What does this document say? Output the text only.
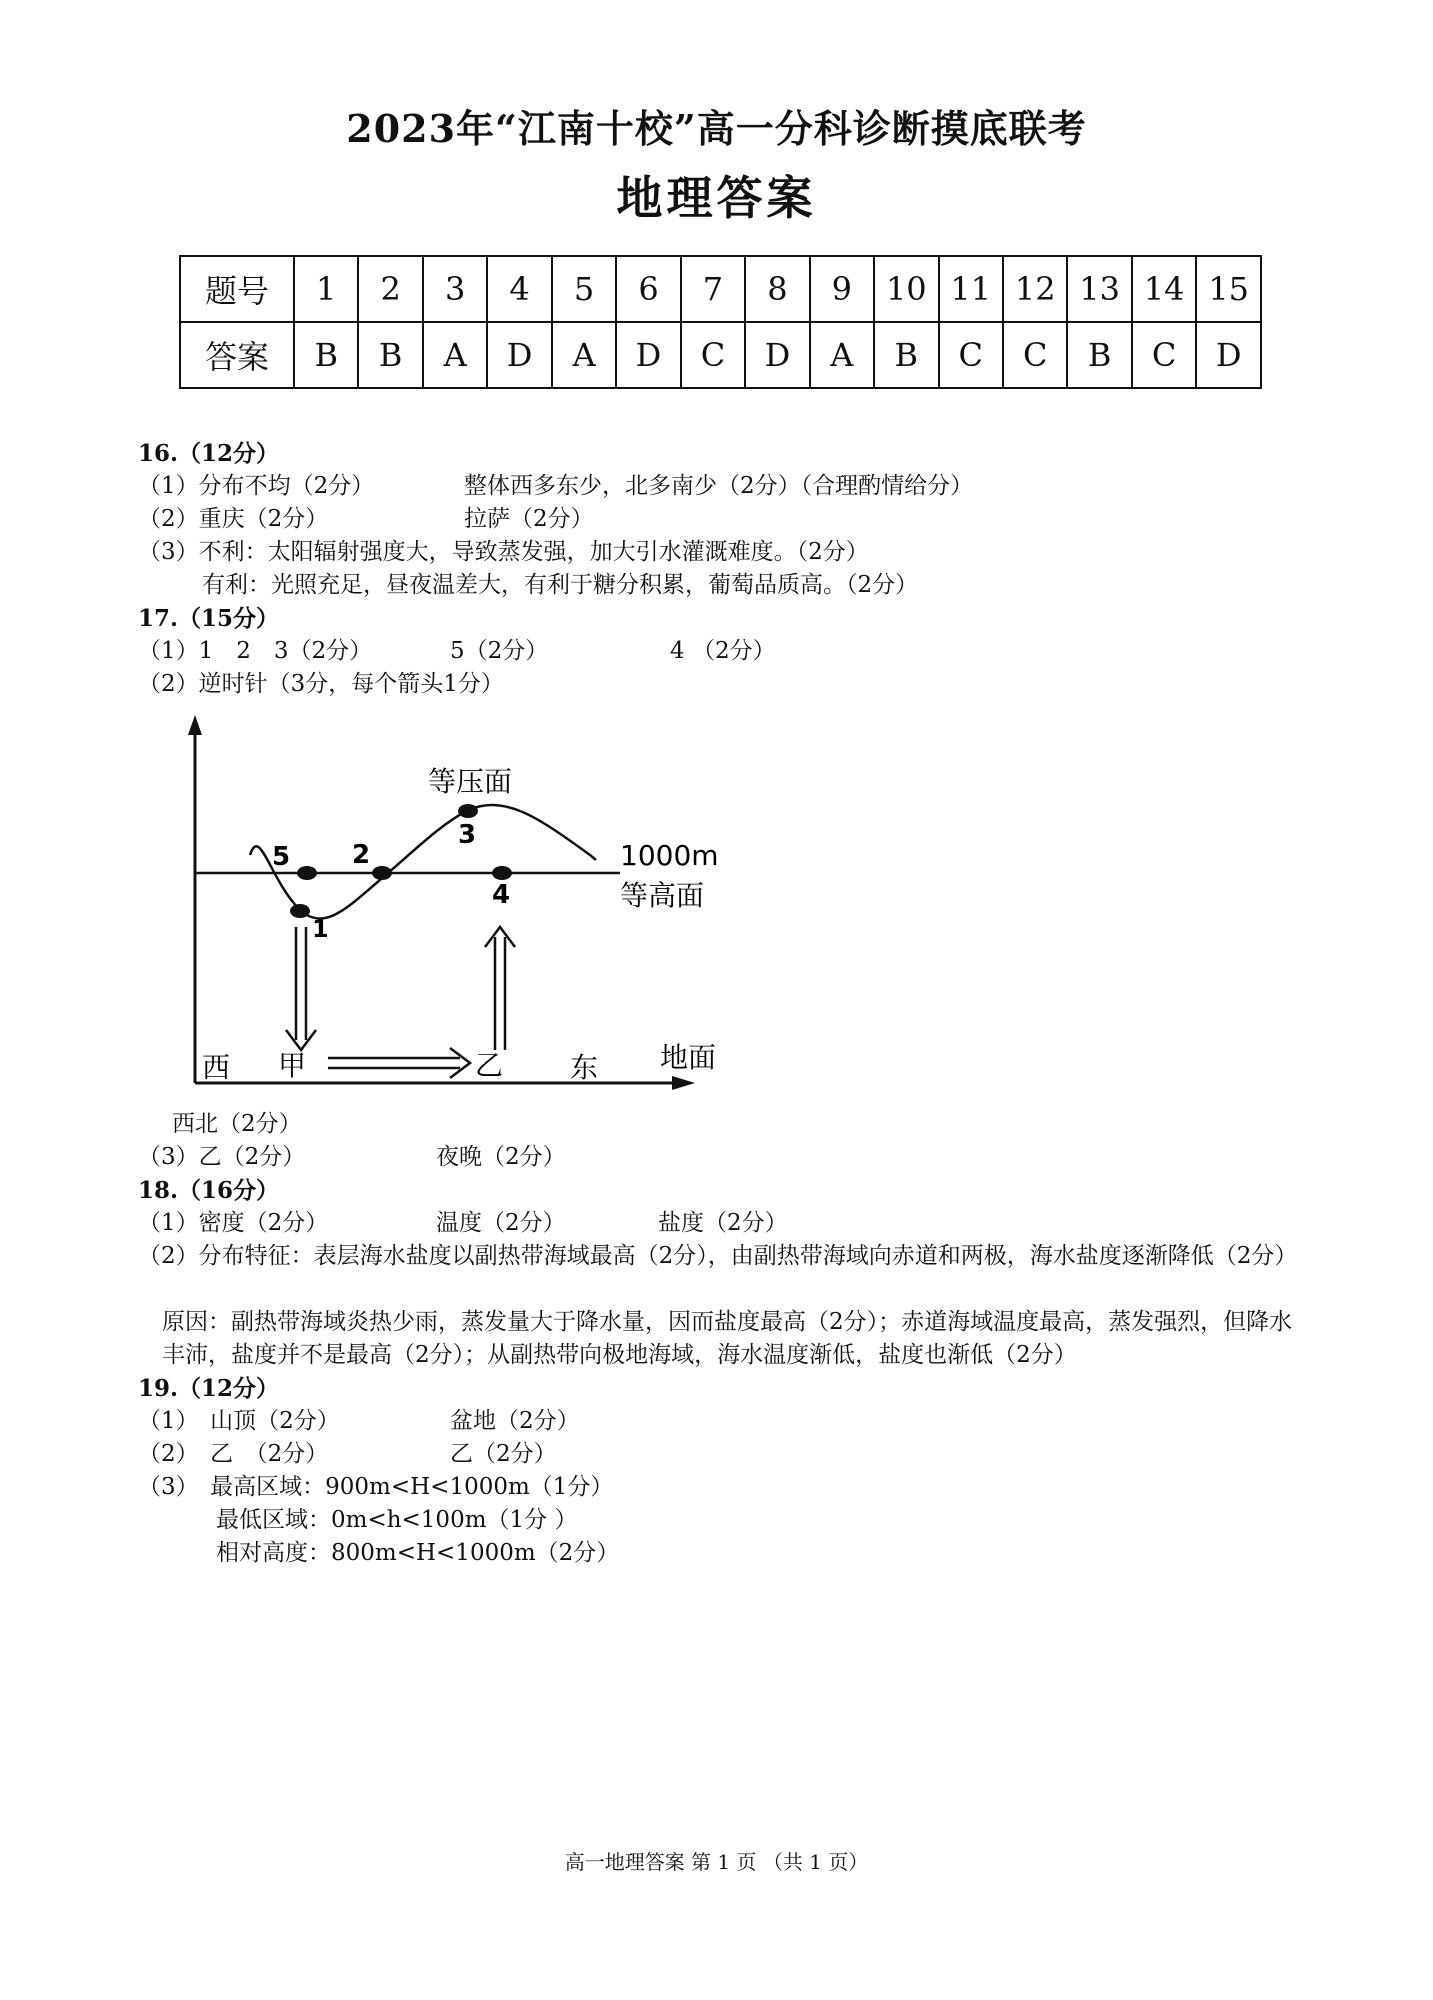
2023年“江南十校”高一分科诊断摸底联考
地理答案
题号	1	2	3	4	5	6	7	8	9	10	11	12	13	14	15
答案	B	B	A	D	A	D	C	D	A	B	C	C	B	C	D
16.（12分）
（1）分布不均（2分）	整体西多东少，北多南少（2分）（合理酌情给分）
（2）重庆（2分）	拉萨（2分）
（3）不利：太阳辐射强度大，导致蒸发强，加大引水灌溉难度。（2分）
有利：光照充足，昼夜温差大，有利于糖分积累，葡萄品质高。（2分）
17.（15分）
（1）1　2　3（2分）	5（2分）	4 （2分）
（2）逆时针（3分，每个箭头1分）
5 2
3
4
1
等压面
1000m
等高面
地面
西 甲	乙 东
西北（2分）
（3）乙（2分）	夜晚（2分）
18.（16分）
（1）密度（2分）	温度（2分）	盐度（2分）
（2）分布特征：表层海水盐度以副热带海域最高（2分），由副热带海域向赤道和两极，海水盐度逐渐降低（2分）
原因：副热带海域炎热少雨，蒸发量大于降水量，因而盐度最高（2分）；赤道海域温度最高，蒸发强烈，但降水丰沛，盐度并不是最高（2分）；从副热带向极地海域，海水温度渐低，盐度也渐低（2分）
19.（12分）
（1）　山顶（2分）	盆地（2分）
（2）　乙　（2分）	乙（2分）
（3）　最高区域：900m<H<1000m（1分）
最低区域：0m<h<100m（1分 ）
相对高度：800m<H<1000m（2分）
高一地理答案 第 1 页 （共 1 页）
